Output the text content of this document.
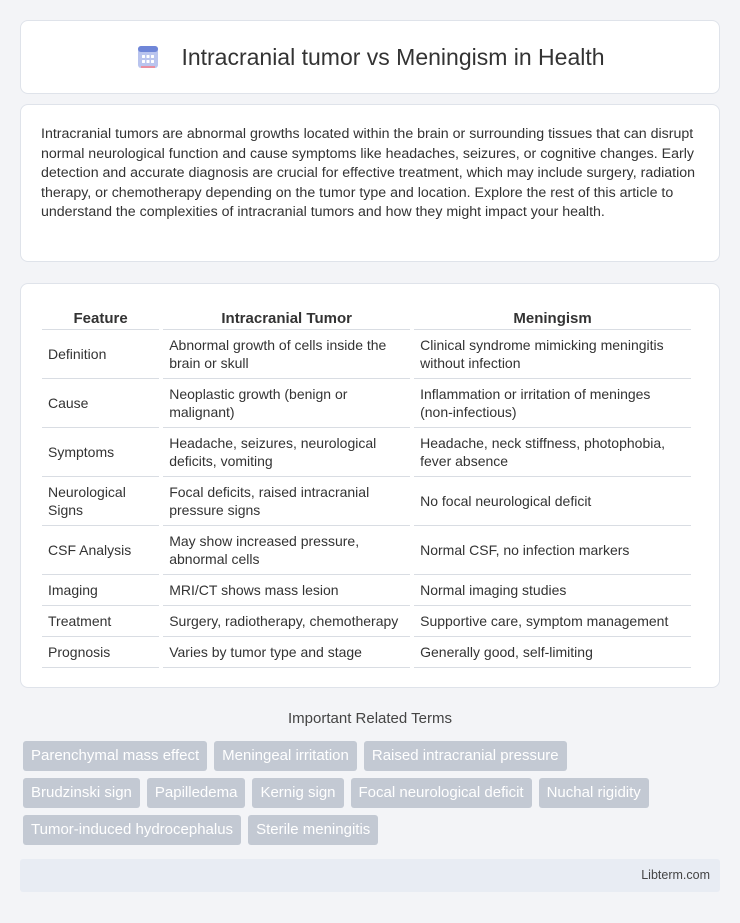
Intracranial tumor vs Meningism in Health

Intracranial tumors are abnormal growths located within the brain or surrounding tissues that can disrupt normal neurological function and cause symptoms like headaches, seizures, or cognitive changes. Early detection and accurate diagnosis are crucial for effective treatment, which may include surgery, radiation therapy, or chemotherapy depending on the tumor type and location. Explore the rest of this article to understand the complexities of intracranial tumors and how they might impact your health.

Feature	Intracranial Tumor	Meningism
Definition	Abnormal growth of cells inside the brain or skull	Clinical syndrome mimicking meningitis without infection
Cause	Neoplastic growth (benign or malignant)	Inflammation or irritation of meninges (non-infectious)
Symptoms	Headache, seizures, neurological deficits, vomiting	Headache, neck stiffness, photophobia, fever absence
Neurological Signs	Focal deficits, raised intracranial pressure signs	No focal neurological deficit
CSF Analysis	May show increased pressure, abnormal cells	Normal CSF, no infection markers
Imaging	MRI/CT shows mass lesion	Normal imaging studies
Treatment	Surgery, radiotherapy, chemotherapy	Supportive care, symptom management
Prognosis	Varies by tumor type and stage	Generally good, self-limiting
Important Related Terms
Parenchymal mass effect	Meningeal irritation	Raised intracranial pressure
Brudzinski sign	Papilledema	Kernig sign	Focal neurological deficit	Nuchal rigidity
Tumor-induced hydrocephalus	Sterile meningitis
Libterm.com
